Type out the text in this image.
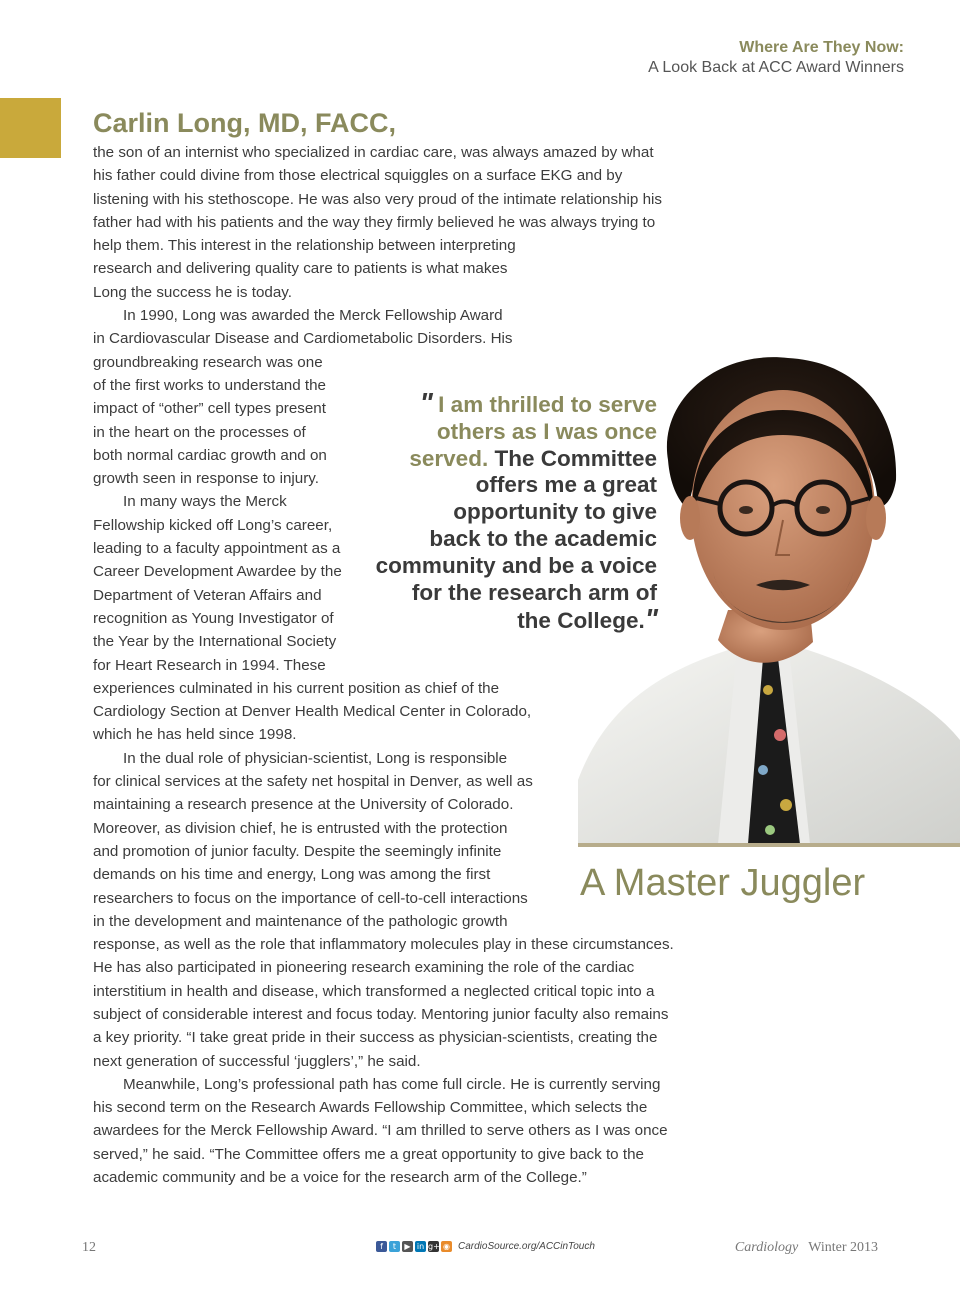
Where Are They Now:
A Look Back at ACC Award Winners
Carlin Long, MD, FACC,
the son of an internist who specialized in cardiac care, was always amazed by what
his father could divine from those electrical squiggles on a surface EKG and by
listening with his stethoscope. He was also very proud of the intimate relationship his
father had with his patients and the way they firmly believed he was always trying to
help them. This interest in the relationship between interpreting
research and delivering quality care to patients is what makes
Long the success he is today.
In 1990, Long was awarded the Merck Fellowship Award
in Cardiovascular Disease and Cardiometabolic Disorders. His
groundbreaking research was one
of the first works to understand the
impact of “other” cell types present
in the heart on the processes of
both normal cardiac growth and on
growth seen in response to injury.
In many ways the Merck
Fellowship kicked off Long’s career,
leading to a faculty appointment as a
Career Development Awardee by the
Department of Veteran Affairs and
recognition as Young Investigator of
the Year by the International Society
for Heart Research in 1994. These
experiences culminated in his current position as chief of the
Cardiology Section at Denver Health Medical Center in Colorado,
which he has held since 1998.
In the dual role of physician-scientist, Long is responsible
for clinical services at the safety net hospital in Denver, as well as
maintaining a research presence at the University of Colorado.
Moreover, as division chief, he is entrusted with the protection
and promotion of junior faculty. Despite the seemingly infinite
demands on his time and energy, Long was among the first
researchers to focus on the importance of cell-to-cell interactions
in the development and maintenance of the pathologic growth
response, as well as the role that inflammatory molecules play in these circumstances.
He has also participated in pioneering research examining the role of the cardiac
interstitium in health and disease, which transformed a neglected critical topic into a
subject of considerable interest and focus today. Mentoring junior faculty also remains
a key priority. “I take great pride in their success as physician-scientists, creating the
next generation of successful ‘jugglers’,” he said.
Meanwhile, Long’s professional path has come full circle. He is currently serving
his second term on the Research Awards Fellowship Committee, which selects the
awardees for the Merck Fellowship Award. “I am thrilled to serve others as I was once
served,” he said. “The Committee offers me a great opportunity to give back to the
academic community and be a voice for the research arm of the College.”
" I am thrilled to serve
others as I was once
served. The Committee
offers me a great
opportunity to give
back to the academic
community and be a voice
for the research arm of
the College."
A Master Juggler
12	f	t	▶ in g+ ◉ CardioSource.org/ACCinTouch	Cardiology Winter 2013
